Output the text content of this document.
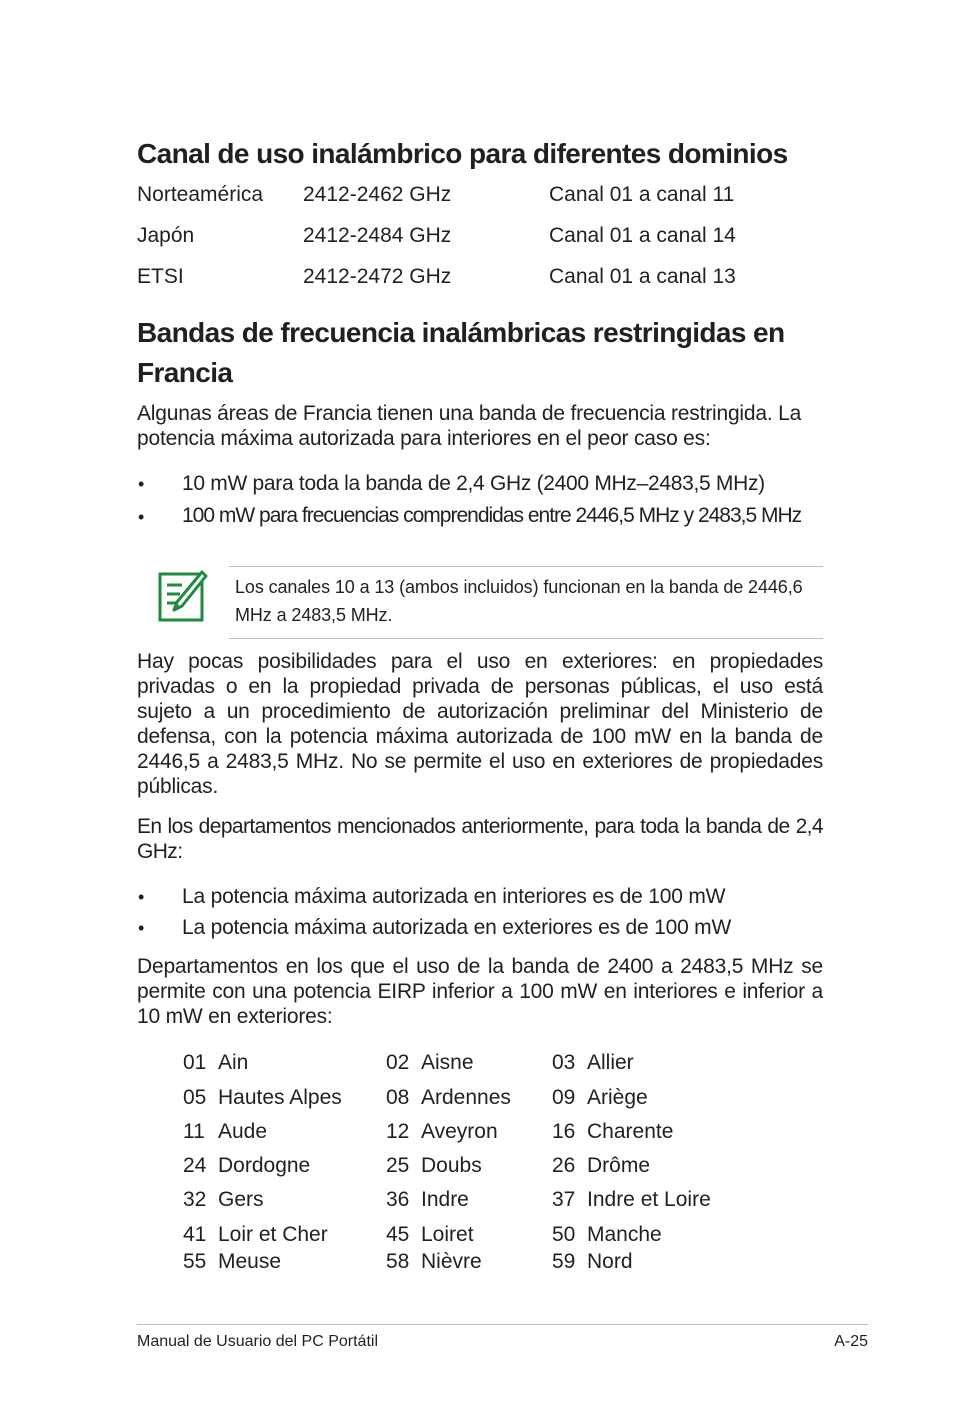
Canal de uso inalámbrico para diferentes dominios
Norteamérica 2412-2462 GHz	Canal 01 a canal 11
Japón	2412-2484 GHz	Canal 01 a canal 14
ETSI	2412-2472 GHz	Canal 01 a canal 13
Bandas de frecuencia inalámbricas restringidas en
Francia
Algunas áreas de Francia tienen una banda de frecuencia restringida. La potencia máxima autorizada para interiores en el peor caso es:
• 10 mW para toda la banda de 2,4 GHz (2400 MHz–2483,5 MHz)
• 100 mW para frecuencias comprendidas entre 2446,5 MHz y 2483,5 MHz
Los canales 10 a 13 (ambos incluidos) funcionan en la banda de 2446,6 MHz a 2483,5 MHz.
Hay pocas posibilidades para el uso en exteriores: en propiedades privadas o en la propiedad privada de personas públicas, el uso está sujeto a un procedimiento de autorización preliminar del Ministerio de defensa, con la potencia máxima autorizada de 100 mW en la banda de 2446,5 a 2483,5 MHz. No se permite el uso en exteriores de propiedades públicas.
En los departamentos mencionados anteriormente, para toda la banda de 2,4 GHz:
• La potencia máxima autorizada en interiores es de 100 mW
• La potencia máxima autorizada en exteriores es de 100 mW
Departamentos en los que el uso de la banda de 2400 a 2483,5 MHz se permite con una potencia EIRP inferior a 100 mW en interiores e inferior a 10 mW en exteriores:
01 Ain	02 Aisne	03 Allier
05 Hautes Alpes 08 Ardennes 09 Ariège
11 Aude	12 Aveyron	16 Charente
24 Dordogne	25 Doubs	26 Drôme
32 Gers	36 Indre	37 Indre et Loire
41 Loir et Cher	45 Loiret	50 Manche
55 Meuse	58 Nièvre	59 Nord
Manual de Usuario del PC Portátil	A-25
